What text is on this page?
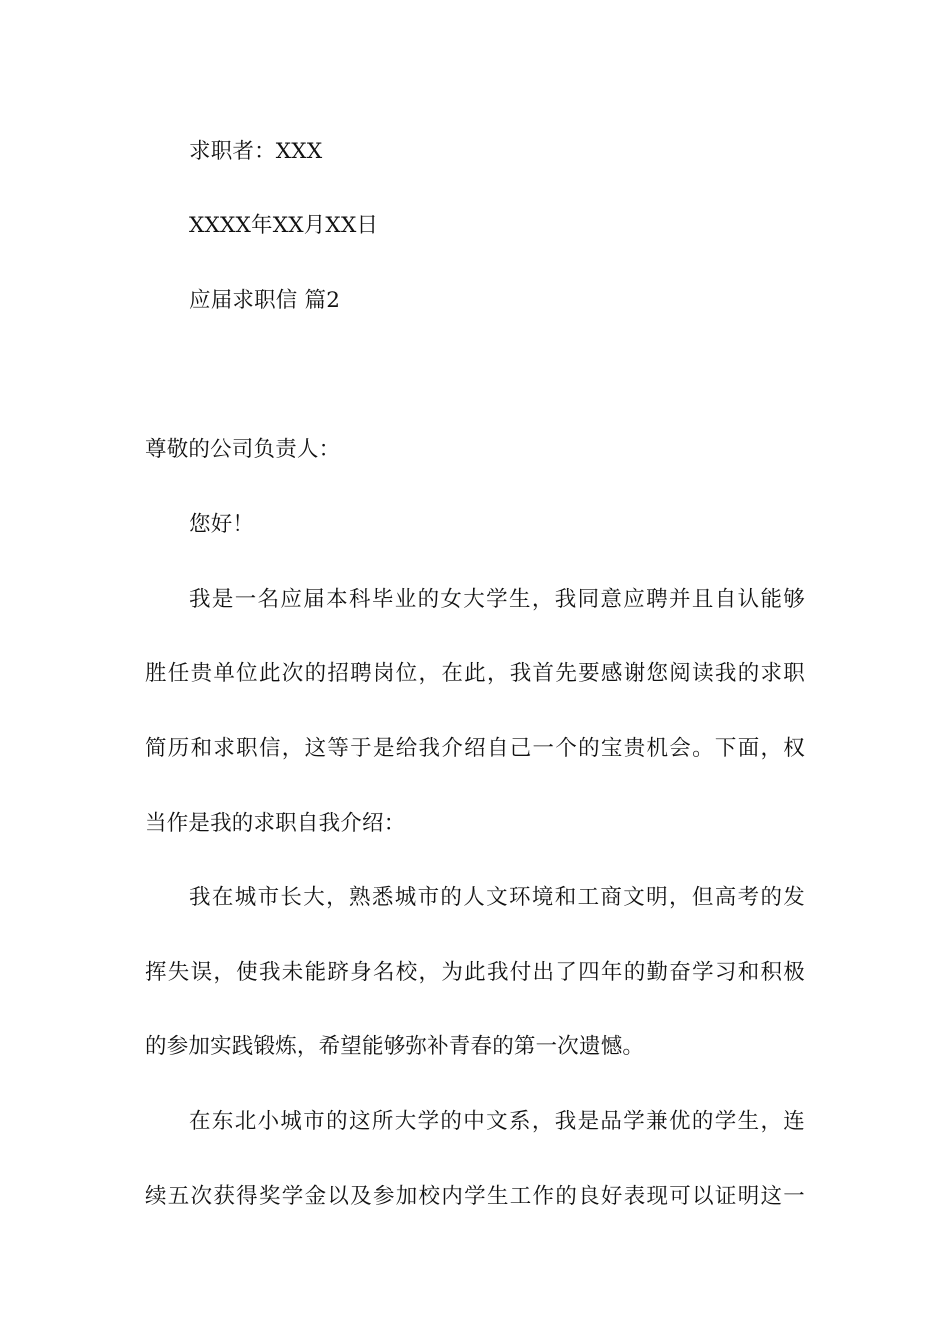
求职者：XXX
XXXX年XX月XX日
应届求职信 篇2
尊敬的公司负责人：
您好！
我是一名应届本科毕业的女大学生，我同意应聘并且自认能够
胜任贵单位此次的招聘岗位，在此，我首先要感谢您阅读我的求职
简历和求职信，这等于是给我介绍自己一个的宝贵机会。下面，权
当作是我的求职自我介绍：
我在城市长大，熟悉城市的人文环境和工商文明，但高考的发
挥失误，使我未能跻身名校，为此我付出了四年的勤奋学习和积极
的参加实践锻炼，希望能够弥补青春的第一次遗憾。
在东北小城市的这所大学的中文系，我是品学兼优的学生，连
续五次获得奖学金以及参加校内学生工作的良好表现可以证明这一
